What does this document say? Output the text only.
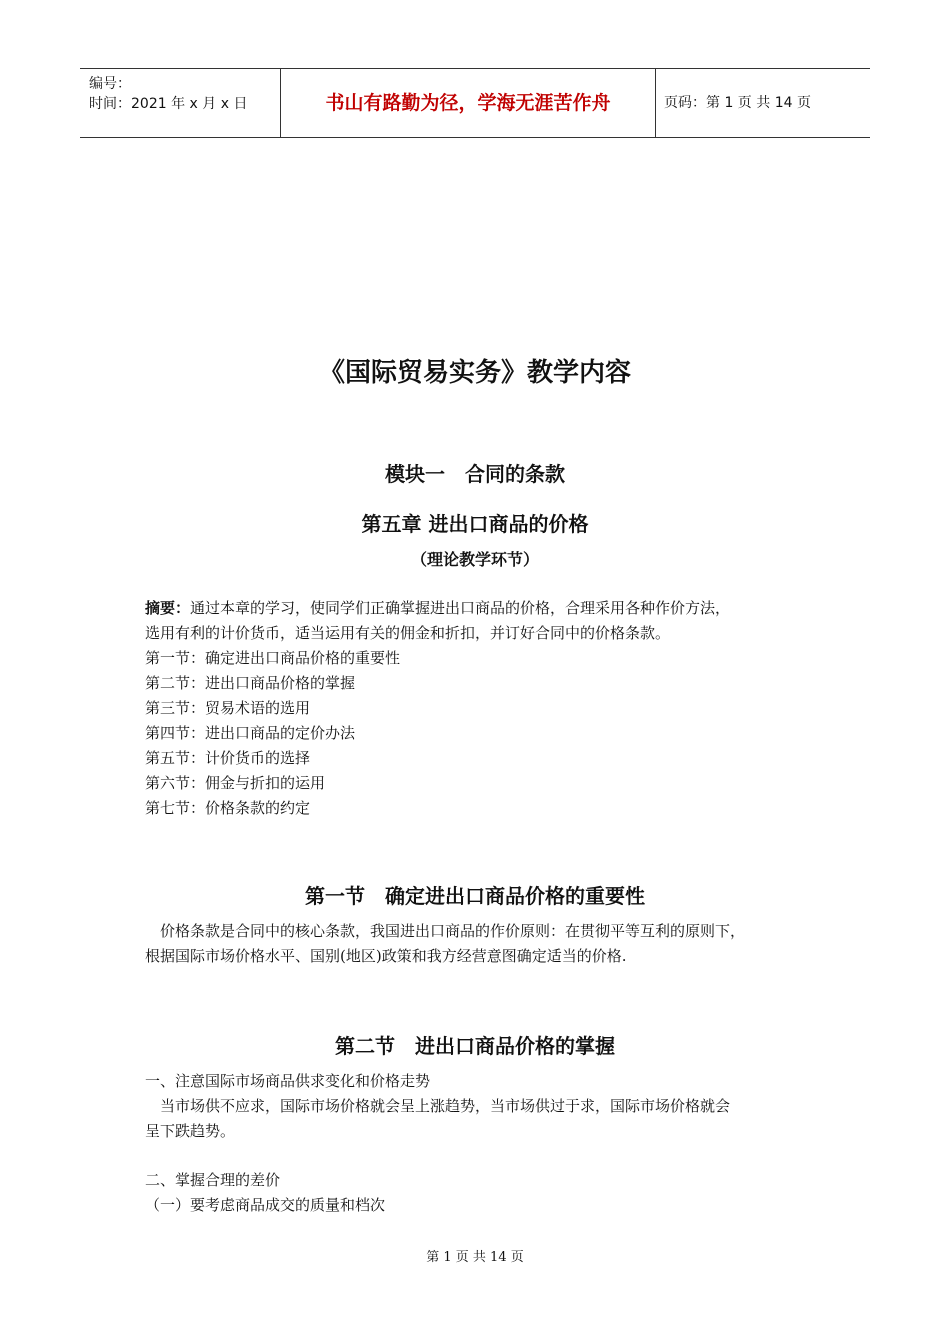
编号：
时间：2021 年 x 月 x 日	书山有路勤为径，学海无涯苦作舟	页码：第 1 页 共 14 页
《国际贸易实务》教学内容
模块一　合同的条款
第五章 进出口商品的价格
（理论教学环节）
摘要：通过本章的学习，使同学们正确掌握进出口商品的价格，合理采用各种作价方法，
选用有利的计价货币，适当运用有关的佣金和折扣，并订好合同中的价格条款。
第一节：确定进出口商品价格的重要性
第二节：进出口商品价格的掌握
第三节：贸易术语的选用
第四节：进出口商品的定价办法
第五节：计价货币的选择
第六节：佣金与折扣的运用
第七节：价格条款的约定
第一节　确定进出口商品价格的重要性
　价格条款是合同中的核心条款，我国进出口商品的作价原则：在贯彻平等互利的原则下，
根据国际市场价格水平、国别(地区)政策和我方经营意图确定适当的价格.
第二节　进出口商品价格的掌握
一、注意国际市场商品供求变化和价格走势
　当市场供不应求，国际市场价格就会呈上涨趋势，当市场供过于求，国际市场价格就会
呈下跌趋势。
二、掌握合理的差价
（一）要考虑商品成交的质量和档次
第 1 页 共 14 页
